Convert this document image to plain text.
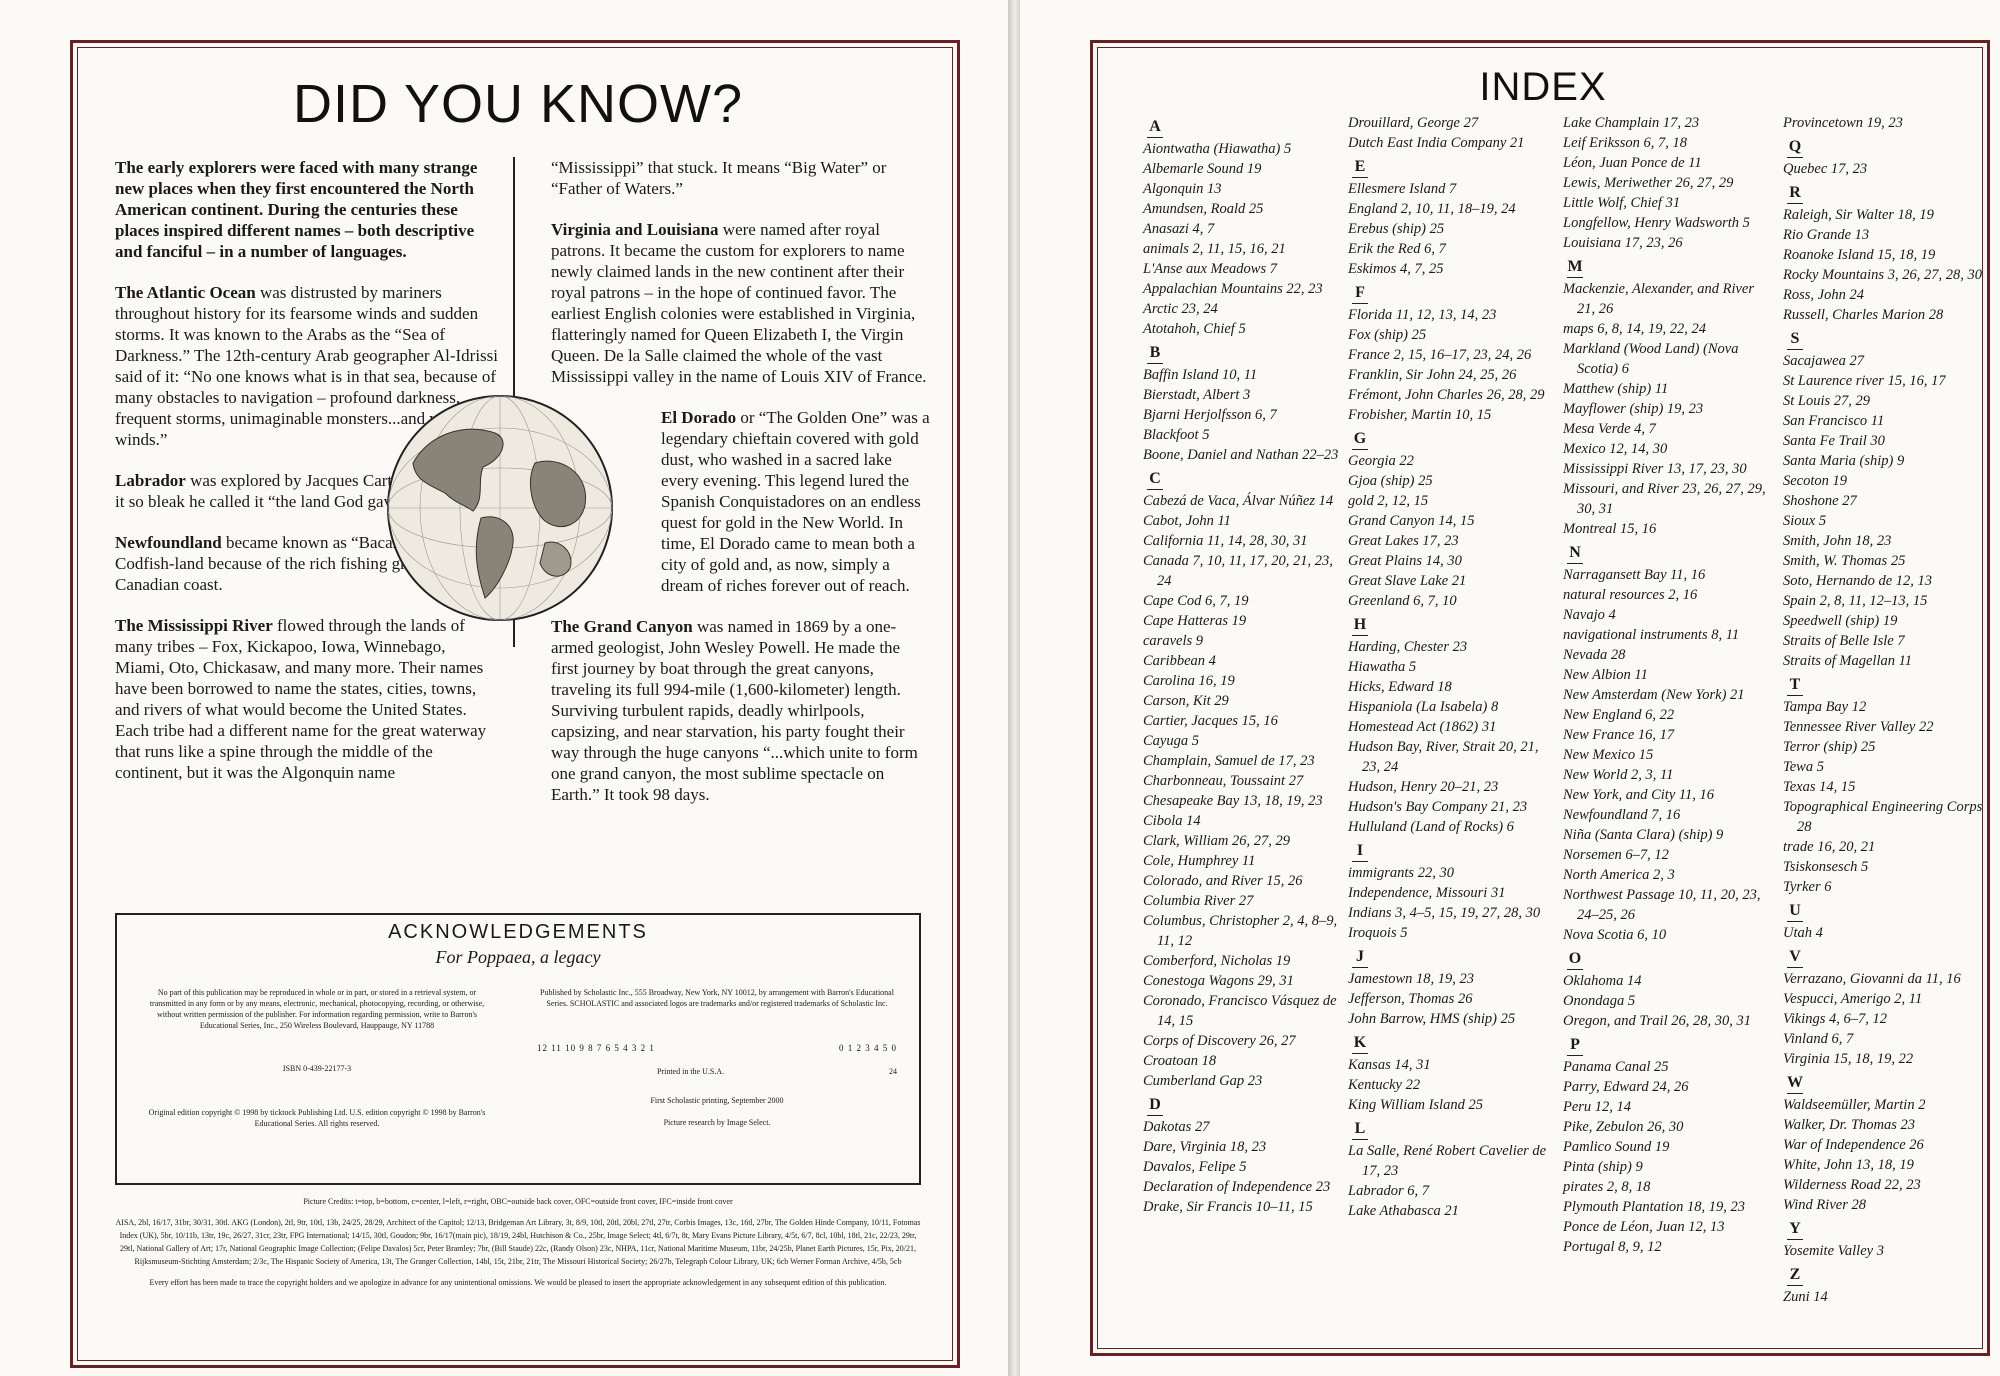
DID YOU KNOW?

The early explorers were faced with many strange new places when they first encountered the North American continent. During the centuries these places inspired different names – both descriptive and fanciful – in a number of languages.

The Atlantic Ocean was distrusted by mariners throughout history for its fearsome winds and sudden storms. It was known to the Arabs as the “Sea of Darkness.” The 12th-century Arab geographer Al-Idrissi said of it: “No one knows what is in that sea, because of many obstacles to navigation – profound darkness, frequent storms, unimaginable monsters...and violent winds.”

Labrador was explored by Jacques Cartier, who found it so bleak he called it “the land God gave to Cain.”

Newfoundland became known as “Bacalaos” or Codfish-land because of the rich fishing grounds off the Canadian coast.

The Mississippi River flowed through the lands of many tribes – Fox, Kickapoo, Iowa, Winnebago, Miami, Oto, Chickasaw, and many more. Their names have been borrowed to name the states, cities, towns, and rivers of what would become the United States. Each tribe had a different name for the great waterway that runs like a spine through the middle of the continent, but it was the Algonquin name

“Mississippi” that stuck. It means “Big Water” or “Father of Waters.”

Virginia and Louisiana were named after royal patrons. It became the custom for explorers to name newly claimed lands in the new continent after their royal patrons – in the hope of continued favor. The earliest English colonies were established in Virginia, flatteringly named for Queen Elizabeth I, the Virgin Queen. De la Salle claimed the whole of the vast Mississippi valley in the name of Louis XIV of France.

El Dorado or “The Golden One” was a legendary chieftain covered with gold dust, who washed in a sacred lake every evening. This legend lured the Spanish Conquistadores on an endless quest for gold in the New World. In time, El Dorado came to mean both a city of gold and, as now, simply a dream of riches forever out of reach.

The Grand Canyon was named in 1869 by a one-armed geologist, John Wesley Powell. He made the first journey by boat through the great canyons, traveling its full 994-mile (1,600-kilometer) length. Surviving turbulent rapids, deadly whirlpools, capsizing, and near starvation, his party fought their way through the huge canyons “...which unite to form one grand canyon, the most sublime spectacle on Earth.” It took 98 days.

ACKNOWLEDGEMENTS
For Poppaea, a legacy
No part of this publication may be reproduced in whole or in part, or stored in a retrieval system, or transmitted in any form or by any means, electronic, mechanical, photocopying, recording, or otherwise, without written permission of the publisher. For information regarding permission, write to Barron's Educational Series, Inc., 250 Wireless Boulevard, Hauppauge, NY 11788
Published by Scholastic Inc., 555 Broadway, New York, NY 10012, by arrangement with Barron's Educational Series. SCHOLASTIC and associated logos are trademarks and/or registered trademarks of Scholastic Inc.
ISBN 0-439-22177-3
Original edition copyright © 1998 by ticktock Publishing Ltd. U.S. edition copyright © 1998 by Barron's Educational Series. All rights reserved.
12 11 10 9 8 7 6 5 4 3 2 1	0 1 2 3 4 5 0
Printed in the U.S.A.	24
First Scholastic printing, September 2000
Picture research by Image Select.
Picture Credits: t=top, b=bottom, c=center, l=left, r=right, OBC=outside back cover, OFC=outside front cover, IFC=inside front cover
AISA, 2bl, 16/17, 31br, 30/31, 30tl. AKG (London), 2tl, 9tr, 10tl, 13b, 24/25, 28/29, Architect of the Capitol; 12/13, Bridgeman Art Library, 3t, 8/9, 10tl, 20tl, 20bl, 27tl, 27tr, Corbis Images, 13c, 16tl, 27br, The Golden Hinde Company, 10/11, Fotomas Index (UK), 5br, 10/11b, 13tr, 19c, 26/27, 31cr, 23tr, FPG International; 14/15, 30tl, Goudon; 9br, 16/17(main pic), 18/19, 24bl, Hutchison & Co., 25br, Image Select; 4tl, 6/7t, 8t, Mary Evans Picture Library, 4/5t, 6/7, 8cl, 10bl, 18tl, 21c, 22/23, 29tr, 29tl, National Gallery of Art; 17r, National Geographic Image Collection; (Felipe Davalos) 5cr, Peter Bramley; 7br, (Bill Staude) 22c, (Randy Olson) 23c, NHPA, 11cr, National Maritime Museum, 11br, 24/25b, Planet Earth Pictures, 15r, Pix, 20/21, Rijksmuseum-Stichting Amsterdam; 2/3c, The Hispanic Society of America, 13t, The Granger Collection, 14bl, 15t, 21br, 21tr, The Missouri Historical Society; 26/27b, Telegraph Colour Library, UK; 6cb Werner Forman Archive, 4/5b, 5cb
Every effort has been made to trace the copyright holders and we apologize in advance for any unintentional omissions. We would be pleased to insert the appropriate acknowledgement in any subsequent edition of this publication.
INDEX
A
Aiontwatha (Hiawatha) 5
Albemarle Sound 19
Algonquin 13
Amundsen, Roald 25
Anasazi 4, 7
animals 2, 11, 15, 16, 21
L'Anse aux Meadows 7
Appalachian Mountains 22, 23
Arctic 23, 24
Atotahoh, Chief 5
B
Baffin Island 10, 11
Bierstadt, Albert 3
Bjarni Herjolfsson 6, 7
Blackfoot 5
Boone, Daniel and Nathan 22–23
C
Cabezá de Vaca, Álvar Núñez 14
Cabot, John 11
California 11, 14, 28, 30, 31
Canada 7, 10, 11, 17, 20, 21, 23, 24
Cape Cod 6, 7, 19
Cape Hatteras 19
caravels 9
Caribbean 4
Carolina 16, 19
Carson, Kit 29
Cartier, Jacques 15, 16
Cayuga 5
Champlain, Samuel de 17, 23
Charbonneau, Toussaint 27
Chesapeake Bay 13, 18, 19, 23
Cibola 14
Clark, William 26, 27, 29
Cole, Humphrey 11
Colorado, and River 15, 26
Columbia River 27
Columbus, Christopher 2, 4, 8–9, 11, 12
Comberford, Nicholas 19
Conestoga Wagons 29, 31
Coronado, Francisco Vásquez de 14, 15
Corps of Discovery 26, 27
Croatoan 18
Cumberland Gap 23
D
Dakotas 27
Dare, Virginia 18, 23
Davalos, Felipe 5
Declaration of Independence 23
Drake, Sir Francis 10–11, 15
Drouillard, George 27
Dutch East India Company 21
E
Ellesmere Island 7
England 2, 10, 11, 18–19, 24
Erebus (ship) 25
Erik the Red 6, 7
Eskimos 4, 7, 25
F
Florida 11, 12, 13, 14, 23
Fox (ship) 25
France 2, 15, 16–17, 23, 24, 26
Franklin, Sir John 24, 25, 26
Frémont, John Charles 26, 28, 29
Frobisher, Martin 10, 15
G
Georgia 22
Gjoa (ship) 25
gold 2, 12, 15
Grand Canyon 14, 15
Great Lakes 17, 23
Great Plains 14, 30
Great Slave Lake 21
Greenland 6, 7, 10
H
Harding, Chester 23
Hiawatha 5
Hicks, Edward 18
Hispaniola (La Isabela) 8
Homestead Act (1862) 31
Hudson Bay, River, Strait 20, 21, 23, 24
Hudson, Henry 20–21, 23
Hudson's Bay Company 21, 23
Hulluland (Land of Rocks) 6
I
immigrants 22, 30
Independence, Missouri 31
Indians 3, 4–5, 15, 19, 27, 28, 30
Iroquois 5
J
Jamestown 18, 19, 23
Jefferson, Thomas 26
John Barrow, HMS (ship) 25
K
Kansas 14, 31
Kentucky 22
King William Island 25
L
La Salle, René Robert Cavelier de 17, 23
Labrador 6, 7
Lake Athabasca 21
Lake Champlain 17, 23
Leif Eriksson 6, 7, 18
Léon, Juan Ponce de 11
Lewis, Meriwether 26, 27, 29
Little Wolf, Chief 31
Longfellow, Henry Wadsworth 5
Louisiana 17, 23, 26
M
Mackenzie, Alexander, and River 21, 26
maps 6, 8, 14, 19, 22, 24
Markland (Wood Land) (Nova Scotia) 6
Matthew (ship) 11
Mayflower (ship) 19, 23
Mesa Verde 4, 7
Mexico 12, 14, 30
Mississippi River 13, 17, 23, 30
Missouri, and River 23, 26, 27, 29, 30, 31
Montreal 15, 16
N
Narragansett Bay 11, 16
natural resources 2, 16
Navajo 4
navigational instruments 8, 11
Nevada 28
New Albion 11
New Amsterdam (New York) 21
New England 6, 22
New France 16, 17
New Mexico 15
New World 2, 3, 11
New York, and City 11, 16
Newfoundland 7, 16
Niña (Santa Clara) (ship) 9
Norsemen 6–7, 12
North America 2, 3
Northwest Passage 10, 11, 20, 23, 24–25, 26
Nova Scotia 6, 10
O
Oklahoma 14
Onondaga 5
Oregon, and Trail 26, 28, 30, 31
P
Panama Canal 25
Parry, Edward 24, 26
Peru 12, 14
Pike, Zebulon 26, 30
Pamlico Sound 19
Pinta (ship) 9
pirates 2, 8, 18
Plymouth Plantation 18, 19, 23
Ponce de Léon, Juan 12, 13
Portugal 8, 9, 12
Provincetown 19, 23
Q
Quebec 17, 23
R
Raleigh, Sir Walter 18, 19
Rio Grande 13
Roanoke Island 15, 18, 19
Rocky Mountains 3, 26, 27, 28, 30
Ross, John 24
Russell, Charles Marion 28
S
Sacajawea 27
St Laurence river 15, 16, 17
St Louis 27, 29
San Francisco 11
Santa Fe Trail 30
Santa Maria (ship) 9
Secoton 19
Shoshone 27
Sioux 5
Smith, John 18, 23
Smith, W. Thomas 25
Soto, Hernando de 12, 13
Spain 2, 8, 11, 12–13, 15
Speedwell (ship) 19
Straits of Belle Isle 7
Straits of Magellan 11
T
Tampa Bay 12
Tennessee River Valley 22
Terror (ship) 25
Tewa 5
Texas 14, 15
Topographical Engineering Corps 28
trade 16, 20, 21
Tsiskonsesch 5
Tyrker 6
U
Utah 4
V
Verrazano, Giovanni da 11, 16
Vespucci, Amerigo 2, 11
Vikings 4, 6–7, 12
Vinland 6, 7
Virginia 15, 18, 19, 22
W
Waldseemüller, Martin 2
Walker, Dr. Thomas 23
War of Independence 26
White, John 13, 18, 19
Wilderness Road 22, 23
Wind River 28
Y
Yosemite Valley 3
Z
Zuni 14
